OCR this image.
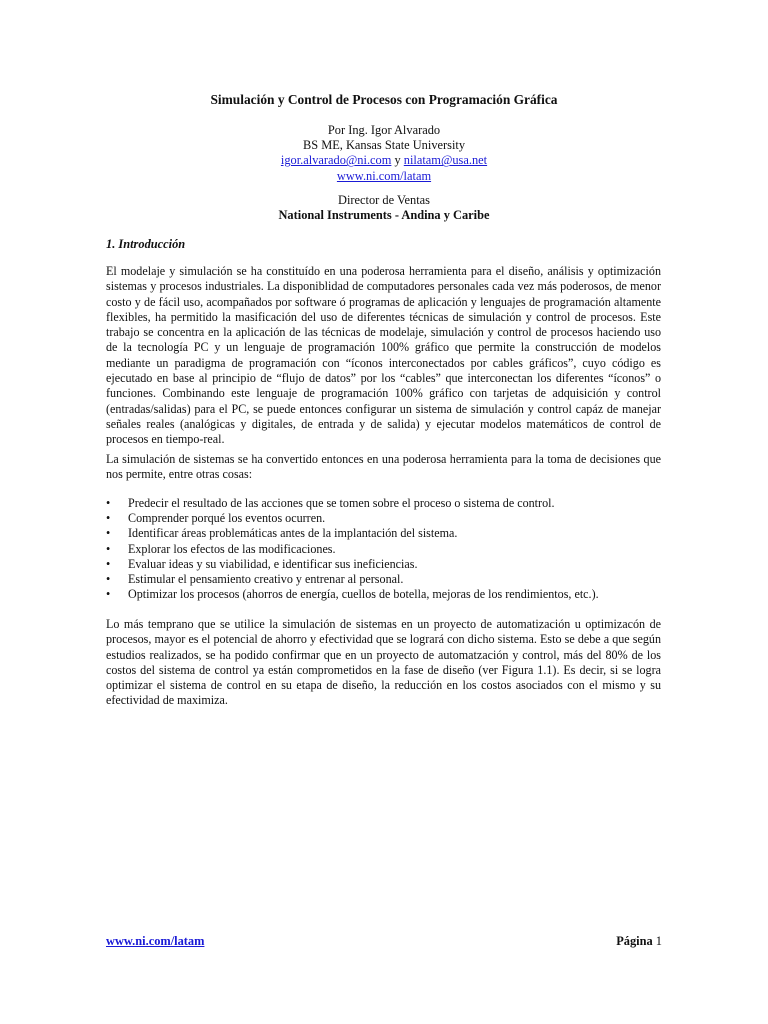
Simulación y Control de Procesos con Programación Gráfica
Por Ing. Igor Alvarado
BS ME, Kansas State University
igor.alvarado@ni.com y nilatam@usa.net
www.ni.com/latam
Director de Ventas
National Instruments - Andina y Caribe
1. Introducción

El modelaje y simulación se ha constituído en una poderosa herramienta para el diseño, análisis y optimización sistemas y procesos industriales. La disponiblidad de computadores personales cada vez más poderosos, de menor costo y de fácil uso, acompañados por software ó programas de aplicación y lenguajes de programación altamente flexibles, ha permitido la masificación del uso de diferentes técnicas de simulación y control de procesos. Este trabajo se concentra en la aplicación de las técnicas de modelaje, simulación y control de procesos haciendo uso de la tecnología PC y un lenguaje de programación 100% gráfico que permite la construcción de modelos mediante un paradigma de programación con “íconos interconectados por cables gráficos”, cuyo código es ejecutado en base al principio de “flujo de datos” por los “cables” que interconectan los diferentes “íconos” o funciones. Combinando este lenguaje de programación 100% gráfico con tarjetas de adquisición y control (entradas/salidas) para el PC, se puede entonces configurar un sistema de simulación y control capáz de manejar señales reales (analógicas y digitales, de entrada y de salida) y ejecutar modelos matemáticos de control de procesos en tiempo-real.

La simulación de sistemas se ha convertido entonces en una poderosa herramienta para la toma de decisiones que nos permite, entre otras cosas:

• Predecir el resultado de las acciones que se tomen sobre el proceso o sistema de control.
• Comprender porqué los eventos ocurren.
• Identificar áreas problemáticas antes de la implantación del sistema.
• Explorar los efectos de las modificaciones.
• Evaluar ideas y su viabilidad, e identificar sus ineficiencias.
• Estimular el pensamiento creativo y entrenar al personal.
• Optimizar los procesos (ahorros de energía, cuellos de botella, mejoras de los rendimientos, etc.).

Lo más temprano que se utilice la simulación de sistemas en un proyecto de automatización u optimizacón de procesos, mayor es el potencial de ahorro y efectividad que se logrará con dicho sistema. Esto se debe a que según estudios realizados, se ha podido confirmar que en un proyecto de automatzación y control, más del 80% de los costos del sistema de control ya están comprometidos en la fase de diseño (ver Figura 1.1). Es decir, si se logra optimizar el sistema de control en su etapa de diseño, la reducción en los costos asociados con el mismo y su efectividad de maximiza.

www.ni.com/latam	Página 1
